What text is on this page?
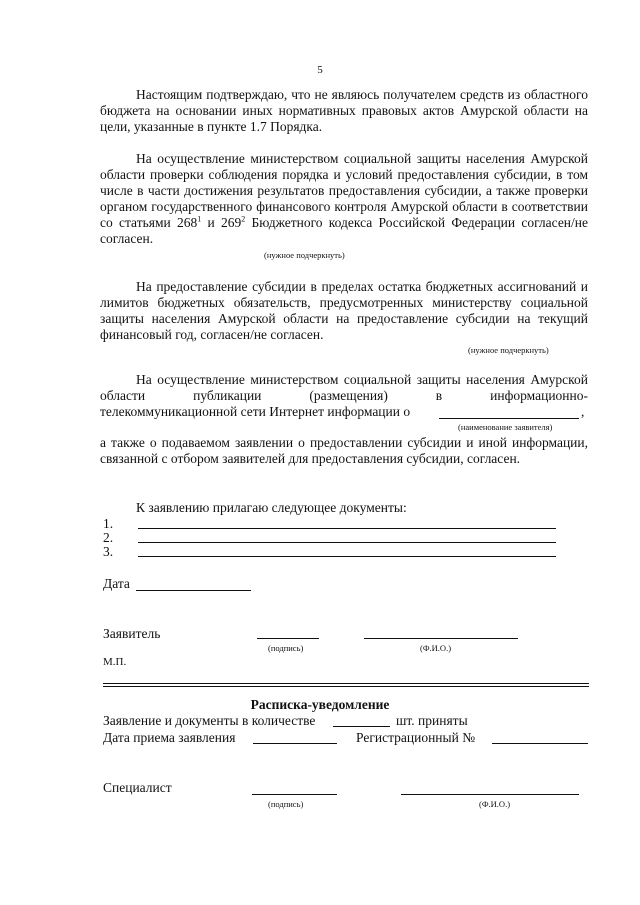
5

Настоящим подтверждаю, что не являюсь получателем средств из областного бюджета на основании иных нормативных правовых актов Амурской области на цели, указанные в пункте 1.7 Порядка.

На осуществление министерством социальной защиты населения Амурской области проверки соблюдения порядка и условий предоставления субсидии, в том числе в части достижения результатов предоставления субсидии, а также проверки органом государственного финансового контроля Амурской области в соответствии со статьями $268^1$ и $269^2$ Бюджетного кодекса Российской Федерации согласен/не согласен.

(нужное подчеркнуть)

На предоставление субсидии в пределах остатка бюджетных ассигнований и лимитов бюджетных обязательств, предусмотренных министерству социальной защиты населения Амурской области на предоставление субсидии на текущий финансовый год, согласен/не согласен.

(нужное подчеркнуть)

На осуществление министерством социальной защиты населения Амурской области публикации (размещения) в информационно-

телекоммуникационной сети Интернет информации о	,
(наименование заявителя)

а также о подаваемом заявлении о предоставлении субсидии и иной информации, связанной с отбором заявителей для предоставления субсидии, согласен.

К заявлению прилагаю следующее документы:
1.
2.
3.
Дата
Заявитель
(подпись)	(Ф.И.О.)
М.П.
Расписка-уведомление
Заявление и документы в количестве	шт. приняты
Дата приема заявления	Регистрационный №
Специалист
(подпись)	(Ф.И.О.)
